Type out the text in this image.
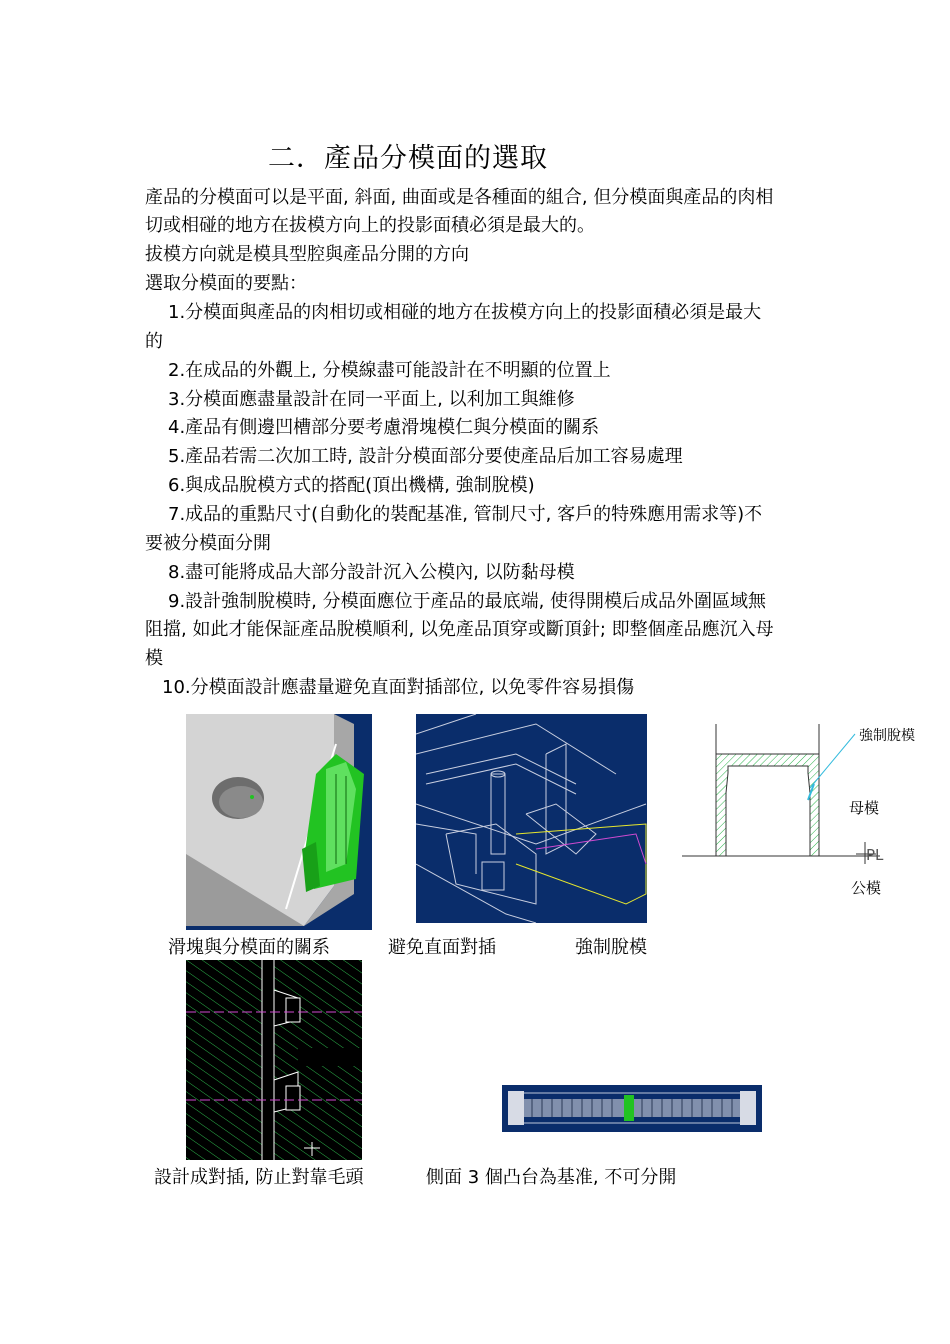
二．產品分模面的選取
產品的分模面可以是平面, 斜面, 曲面或是各種面的組合, 但分模面與產品的肉相
切或相碰的地方在拔模方向上的投影面積必須是最大的。
拔模方向就是模具型腔與產品分開的方向
選取分模面的要點：
1.分模面與產品的肉相切或相碰的地方在拔模方向上的投影面積必須是最大
的
2.在成品的外觀上, 分模線盡可能設計在不明顯的位置上
3.分模面應盡量設計在同一平面上, 以利加工與維修
4.產品有側邊凹槽部分要考慮滑塊模仁與分模面的關系
5.產品若需二次加工時, 設計分模面部分要使產品后加工容易處理
6.與成品脫模方式的搭配(頂出機構, 強制脫模)
7.成品的重點尺寸(自動化的裝配基准, 管制尺寸, 客戶的特殊應用需求等)不
要被分模面分開
8.盡可能將成品大部分設計沉入公模內, 以防黏母模
9.設計強制脫模時, 分模面應位于產品的最底端, 使得開模后成品外圍區域無
阻擋, 如此才能保証產品脫模順利, 以免產品頂穿或斷頂針; 即整個產品應沉入母
模
10.分模面設計應盡量避免直面對插部位, 以免零件容易損傷
強制脫模
母模
PL
公模
滑塊與分模面的關系	避免直面對插	強制脫模
設計成對插, 防止對靠毛頭	側面 3 個凸台為基准, 不可分開
